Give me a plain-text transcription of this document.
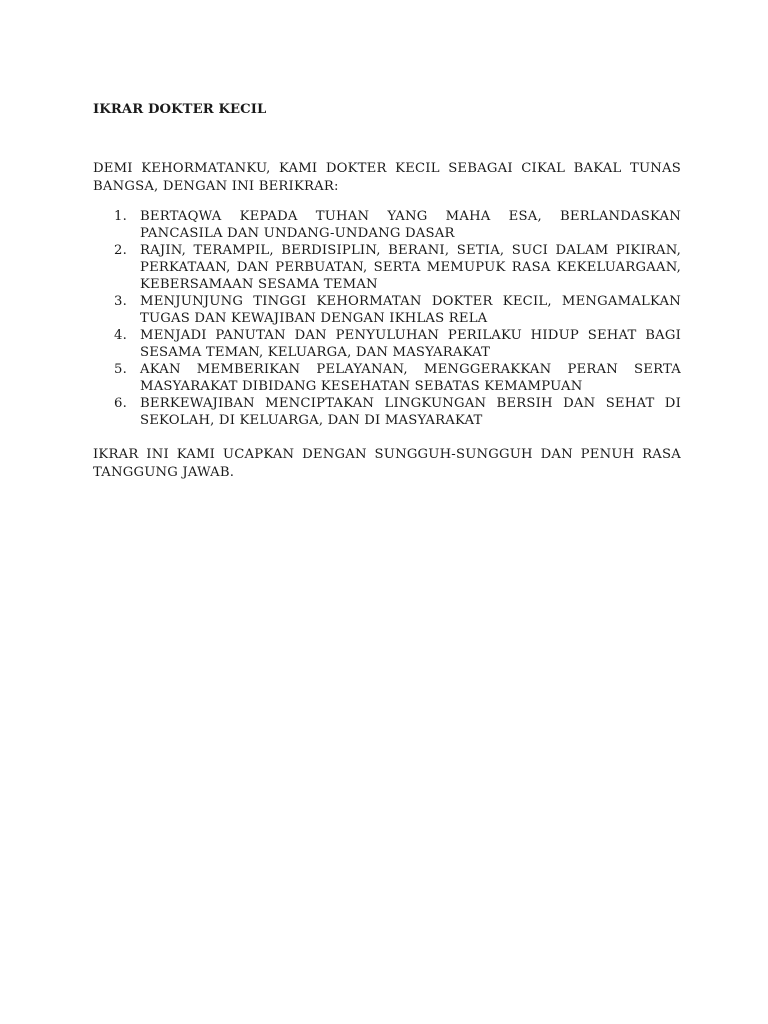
IKRAR DOKTER KECIL

DEMI KEHORMATANKU, KAMI DOKTER KECIL SEBAGAI CIKAL BAKAL TUNAS BANGSA, DENGAN INI BERIKRAR:

1. BERTAQWA KEPADA TUHAN YANG MAHA ESA, BERLANDASKAN PANCASILA DAN UNDANG-UNDANG DASAR
2. RAJIN, TERAMPIL, BERDISIPLIN, BERANI, SETIA, SUCI DALAM PIKIRAN, PERKATAAN, DAN PERBUATAN, SERTA MEMUPUK RASA KEKELUARGAAN, KEBERSAMAAN SESAMA TEMAN
3. MENJUNJUNG TINGGI KEHORMATAN DOKTER KECIL, MENGAMALKAN TUGAS DAN KEWAJIBAN DENGAN IKHLAS RELA
4. MENJADI PANUTAN DAN PENYULUHAN PERILAKU HIDUP SEHAT BAGI SESAMA TEMAN, KELUARGA, DAN MASYARAKAT
5. AKAN MEMBERIKAN PELAYANAN, MENGGERAKKAN PERAN SERTA MASYARAKAT DIBIDANG KESEHATAN SEBATAS KEMAMPUAN
6. BERKEWAJIBAN MENCIPTAKAN LINGKUNGAN BERSIH DAN SEHAT DI SEKOLAH, DI KELUARGA, DAN DI MASYARAKAT

IKRAR INI KAMI UCAPKAN DENGAN SUNGGUH-SUNGGUH DAN PENUH RASA TANGGUNG JAWAB.
